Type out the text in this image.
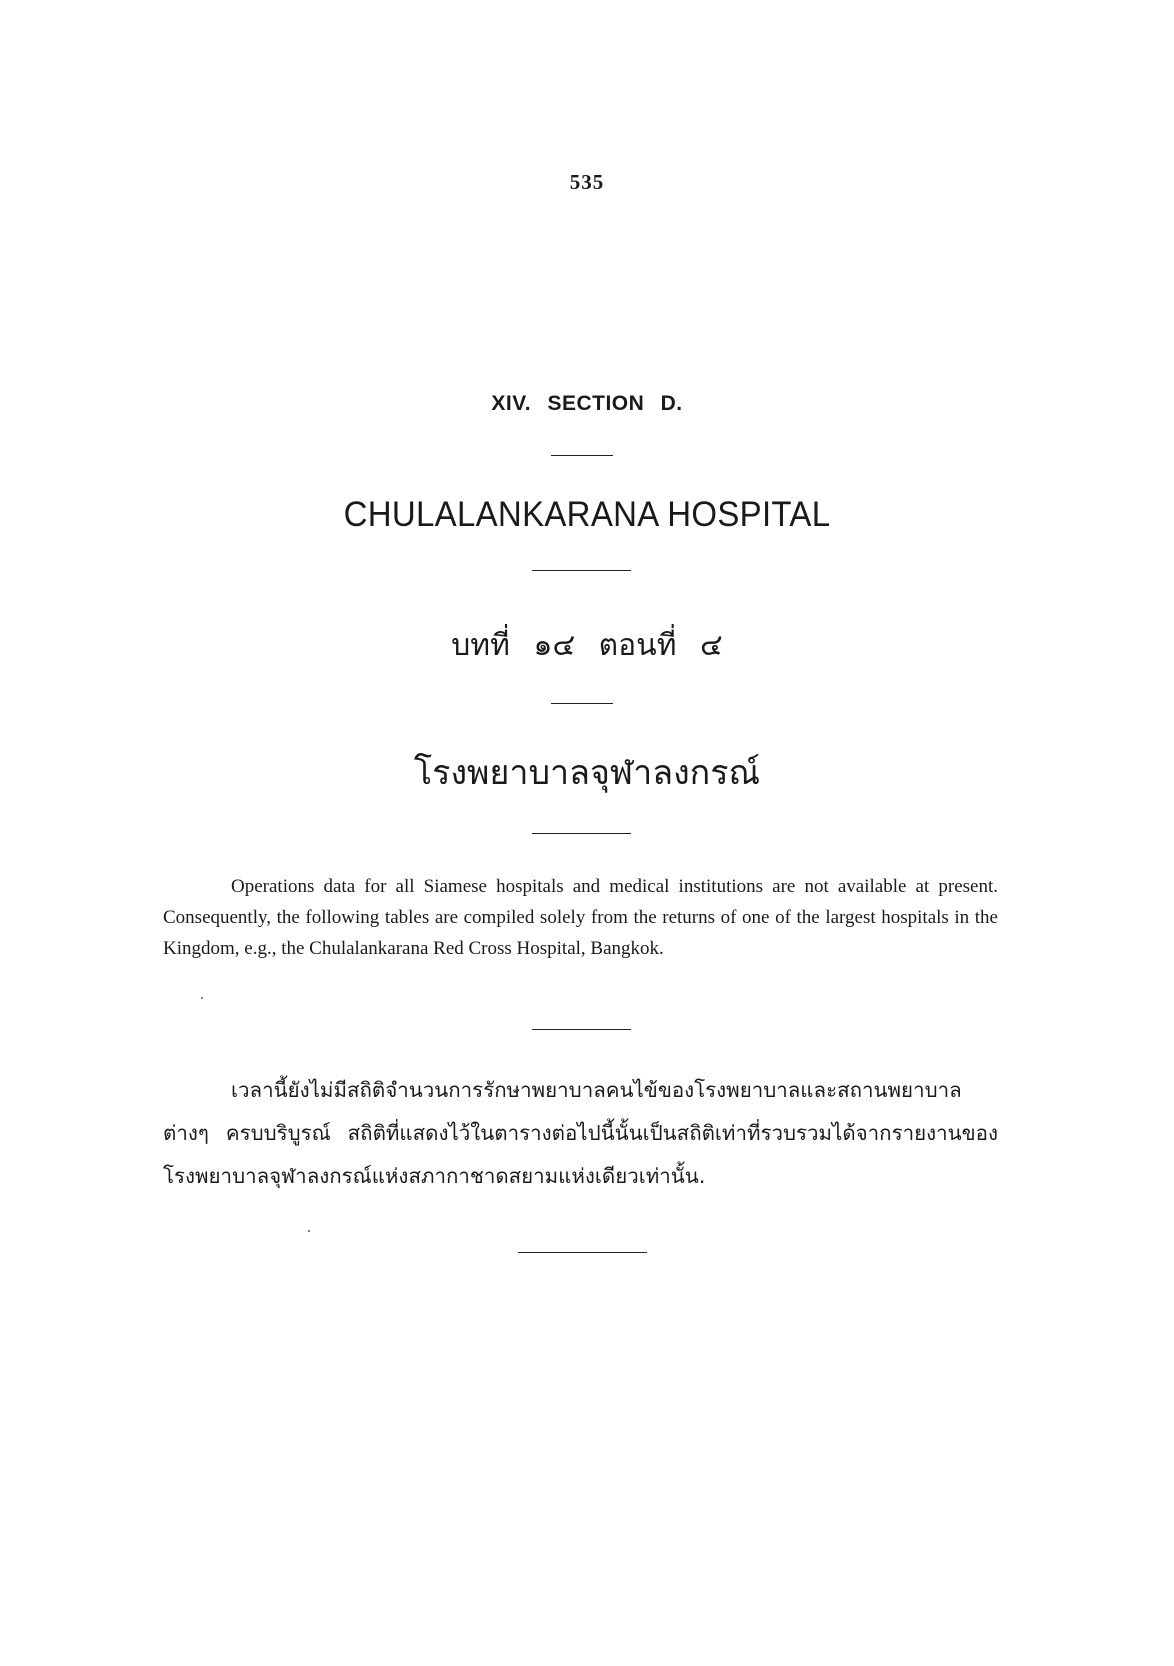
535
XIV. SECTION D.
CHULALANKARANA HOSPITAL
บทที่ ๑๔ ตอนที่ ๔
โรงพยาบาลจุฬาลงกรณ์
Operations data for all Siamese hospitals and medical institutions are not available at present. Consequently, the following tables are compiled solely from the returns of one of the largest hospitals in the Kingdom, e.g., the Chulalankarana Red Cross Hospital, Bangkok.
เวลานี้ยังไม่มีสถิติจำนวนการรักษาพยาบาลคนไข้ของโรงพยาบาลและสถานพยาบาลต่างๆ ครบบริบูรณ์ สถิติที่แสดงไว้ในตารางต่อไปนี้นั้นเป็นสถิติเท่าที่รวบรวมได้จากรายงานของโรงพยาบาลจุฬาลงกรณ์แห่งสภากาชาดสยามแห่งเดียวเท่านั้น.
